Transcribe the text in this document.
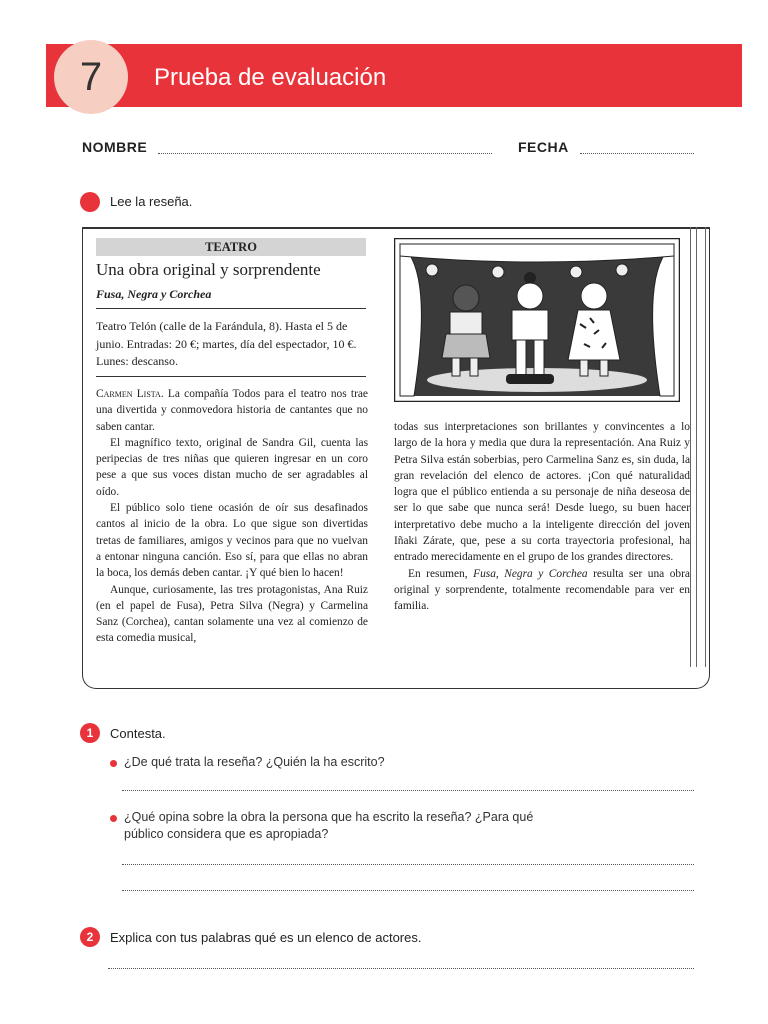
7	Prueba de evaluación
NOMBRE	FECHA
Lee la reseña.
TEATRO
Una obra original y sorprendente
Fusa, Negra y Corchea
Teatro Telón (calle de la Farándula, 8). Hasta el 5 de junio. Entradas: 20 €; martes, día del espectador, 10 €. Lunes: descanso.

Carmen Lista. La compañía Todos para el teatro nos trae una divertida y conmovedora historia de cantantes que no saben cantar.

El magnífico texto, original de Sandra Gil, cuenta las peripecias de tres niñas que quieren ingresar en un coro pese a que sus voces distan mucho de ser agradables al oído.

El público solo tiene ocasión de oír sus desafinados cantos al inicio de la obra. Lo que sigue son divertidas tretas de familiares, amigos y vecinos para que no vuelvan a entonar ninguna canción. Eso sí, para que ellas no abran la boca, los demás deben cantar. ¡Y qué bien lo hacen!

Aunque, curiosamente, las tres protagonistas, Ana Ruiz (en el papel de Fusa), Petra Silva (Negra) y Carmelina Sanz (Corchea), cantan solamente una vez al comienzo de esta comedia musical,

todas sus interpretaciones son brillantes y convincentes a lo largo de la hora y media que dura la representación. Ana Ruiz y Petra Silva están soberbias, pero Carmelina Sanz es, sin duda, la gran revelación del elenco de actores. ¡Con qué naturalidad logra que el público entienda a su personaje de niña deseosa de ser lo que sabe que nunca será! Desde luego, su buen hacer interpretativo debe mucho a la inteligente dirección del joven Iñaki Zárate, que, pese a su corta trayectoria profesional, ha entrado merecidamente en el grupo de los grandes directores.

En resumen, Fusa, Negra y Corchea resulta ser una obra original y sorprendente, totalmente recomendable para ver en familia.

1	Contesta.
¿De qué trata la reseña? ¿Quién la ha escrito?
¿Qué opina sobre la obra la persona que ha escrito la reseña? ¿Para qué
público considera que es apropiada?
2	Explica con tus palabras qué es un elenco de actores.
